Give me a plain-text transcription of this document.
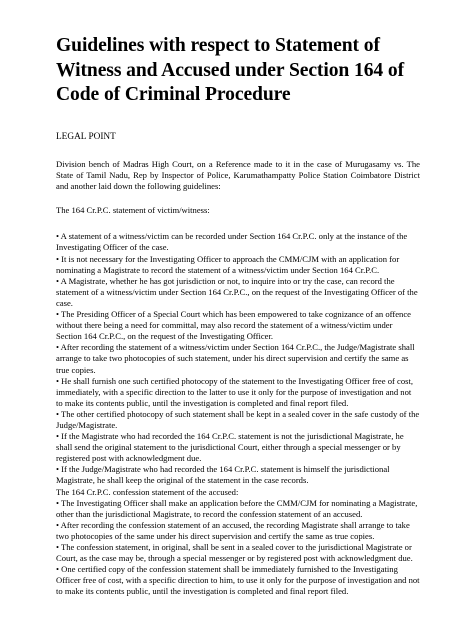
Guidelines with respect to Statement of Witness and Accused under Section 164 of Code of Criminal Procedure

LEGAL POINT

Division bench of Madras High Court, on a Reference made to it in the case of Murugasamy vs. The State of Tamil Nadu, Rep by Inspector of Police, Karumathampatty Police Station Coimbatore District and another laid down the following guidelines:

The 164 Cr.P.C. statement of victim/witness:

• A statement of a witness/victim can be recorded under Section 164 Cr.P.C. only at the instance of the Investigating Officer of the case.

• It is not necessary for the Investigating Officer to approach the CMM/CJM with an application for nominating a Magistrate to record the statement of a witness/victim under Section 164 Cr.P.C.

• A Magistrate, whether he has got jurisdiction or not, to inquire into or try the case, can record the statement of a witness/victim under Section 164 Cr.P.C., on the request of the Investigating Officer of the case.

• The Presiding Officer of a Special Court which has been empowered to take cognizance of an offence without there being a need for committal, may also record the statement of a witness/victim under Section 164 Cr.P.C., on the request of the Investigating Officer.

• After recording the statement of a witness/victim under Section 164 Cr.P.C., the Judge/Magistrate shall arrange to take two photocopies of such statement, under his direct supervision and certify the same as true copies.

• He shall furnish one such certified photocopy of the statement to the Investigating Officer free of cost, immediately, with a specific direction to the latter to use it only for the purpose of investigation and not to make its contents public, until the investigation is completed and final report filed.

• The other certified photocopy of such statement shall be kept in a sealed cover in the safe custody of the Judge/Magistrate.

• If the Magistrate who had recorded the 164 Cr.P.C. statement is not the jurisdictional Magistrate, he shall send the original statement to the jurisdictional Court, either through a special messenger or by registered post with acknowledgment due.

• If the Judge/Magistrate who had recorded the 164 Cr.P.C. statement is himself the jurisdictional Magistrate, he shall keep the original of the statement in the case records.

The 164 Cr.P.C. confession statement of the accused:

• The Investigating Officer shall make an application before the CMM/CJM for nominating a Magistrate, other than the jurisdictional Magistrate, to record the confession statement of an accused.

• After recording the confession statement of an accused, the recording Magistrate shall arrange to take two photocopies of the same under his direct supervision and certify the same as true copies.

• The confession statement, in original, shall be sent in a sealed cover to the jurisdictional Magistrate or Court, as the case may be, through a special messenger or by registered post with acknowledgment due.

• One certified copy of the confession statement shall be immediately furnished to the Investigating Officer free of cost, with a specific direction to him, to use it only for the purpose of investigation and not to make its contents public, until the investigation is completed and final report filed.
